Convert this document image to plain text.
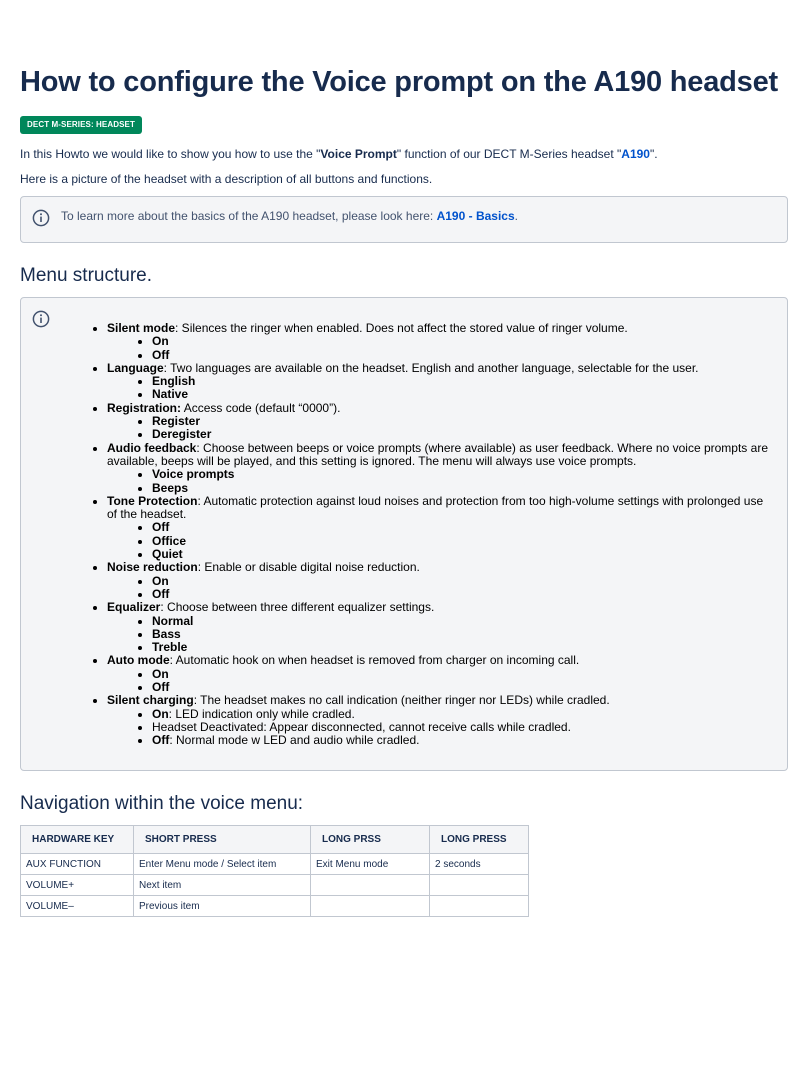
How to configure the Voice prompt on the A190 headset
DECT M-SERIES: HEADSET

In this Howto we would like to show you how to use the "Voice Prompt" function of our DECT M-Series headset "A190".

Here is a picture of the headset with a description of all buttons and functions.

To learn more about the basics of the A190 headset, please look here: A190 - Basics.
Menu structure.
• Silent mode: Silences the ringer when enabled. Does not affect the stored value of ringer volume.
• On
• Off
• Language: Two languages are available on the headset. English and another language, selectable for the user.
• English
• Native
• Registration: Access code (default “0000”).
• Register
• Deregister
• Audio feedback: Choose between beeps or voice prompts (where available) as user feedback. Where no voice prompts are available, beeps will be played, and this setting is ignored. The menu will always use voice prompts.
• Voice prompts
• Beeps
• Tone Protection: Automatic protection against loud noises and protection from too high-volume settings with prolonged use of the headset.
• Off
• Office
• Quiet
• Noise reduction: Enable or disable digital noise reduction.
• On
• Off
• Equalizer: Choose between three different equalizer settings.
• Normal
• Bass
• Treble
• Auto mode: Automatic hook on when headset is removed from charger on incoming call.
• On
• Off
• Silent charging: The headset makes no call indication (neither ringer nor LEDs) while cradled.
• On: LED indication only while cradled.
• Headset Deactivated: Appear disconnected, cannot receive calls while cradled.
• Off: Normal mode w LED and audio while cradled.
Navigation within the voice menu:
HARDWARE KEY	SHORT PRESS	LONG PRSS	LONG PRESS
AUX FUNCTION	Enter Menu mode / Select item	Exit Menu mode	2 seconds
VOLUME+	Next item		
VOLUME–	Previous item		
